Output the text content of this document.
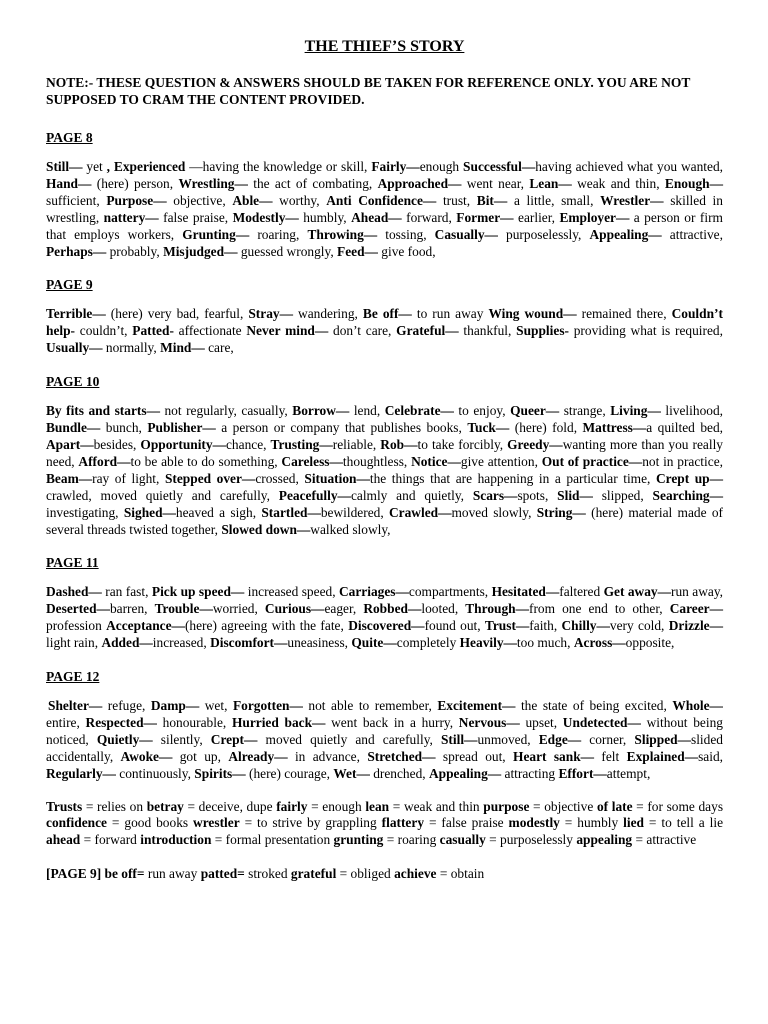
THE THIEF’S STORY
NOTE:- THESE QUESTION & ANSWERS SHOULD BE TAKEN FOR REFERENCE ONLY. YOU ARE NOT SUPPOSED TO CRAM THE CONTENT PROVIDED.
PAGE 8

Still— yet , Experienced —having the knowledge or skill, Fairly—enough Successful—having achieved what you wanted, Hand— (here) person, Wrestling— the act of combating, Approached— went near, Lean— weak and thin, Enough— sufficient, Purpose— objective, Able— worthy, Anti Confidence— trust, Bit— a little, small, Wrestler— skilled in wrestling, nattery— false praise, Modestly— humbly, Ahead— forward, Former— earlier, Employer— a person or firm that employs workers, Grunting— roaring, Throwing— tossing, Casually— purposelessly, Appealing— attractive, Perhaps— probably, Misjudged— guessed wrongly, Feed— give food,

PAGE 9

Terrible— (here) very bad, fearful, Stray— wandering, Be off— to run away Wing wound— remained there, Couldn’t help- couldn’t, Patted- affectionate Never mind— don’t care, Grateful— thankful, Supplies- providing what is required, Usually— normally, Mind— care,

PAGE 10

By fits and starts— not regularly, casually, Borrow— lend, Celebrate— to enjoy, Queer— strange, Living— livelihood, Bundle— bunch, Publisher— a person or company that publishes books, Tuck— (here) fold, Mattress—a quilted bed, Apart—besides, Opportunity—chance, Trusting—reliable, Rob—to take forcibly, Greedy—wanting more than you really need, Afford—to be able to do something, Careless—thoughtless, Notice—give attention, Out of practice—not in practice, Beam—ray of light, Stepped over—crossed, Situation—the things that are happening in a particular time, Crept up—crawled, moved quietly and carefully, Peacefully—calmly and quietly, Scars—spots, Slid— slipped, Searching—investigating, Sighed—heaved a sigh, Startled—bewildered, Crawled—moved slowly, String— (here) material made of several threads twisted together, Slowed down—walked slowly,

PAGE 11

Dashed— ran fast, Pick up speed— increased speed, Carriages—compartments, Hesitated—faltered Get away—run away, Deserted—barren, Trouble—worried, Curious—eager, Robbed—looted, Through—from one end to other, Career—profession Acceptance—(here) agreeing with the fate, Discovered—found out, Trust—faith, Chilly—very cold, Drizzle—light rain, Added—increased, Discomfort—uneasiness, Quite—completely Heavily—too much, Across—opposite,

PAGE 12

Shelter— refuge, Damp— wet, Forgotten— not able to remember, Excitement— the state of being excited, Whole— entire, Respected— honourable, Hurried back— went back in a hurry, Nervous— upset, Undetected— without being noticed, Quietly— silently, Crept— moved quietly and carefully, Still—unmoved, Edge— corner, Slipped—slided accidentally, Awoke— got up, Already— in advance, Stretched— spread out, Heart sank— felt Explained—said, Regularly— continuously, Spirits— (here) courage, Wet— drenched, Appealing— attracting Effort—attempt,

Trusts = relies on betray = deceive, dupe fairly = enough lean = weak and thin purpose = objective of late = for some days confidence = good books wrestler = to strive by grappling flattery = false praise modestly = humbly lied = to tell a lie ahead = forward introduction = formal presentation grunting = roaring casually = purposelessly appealing = attractive

[PAGE 9] be off= run away patted= stroked grateful = obliged achieve = obtain
